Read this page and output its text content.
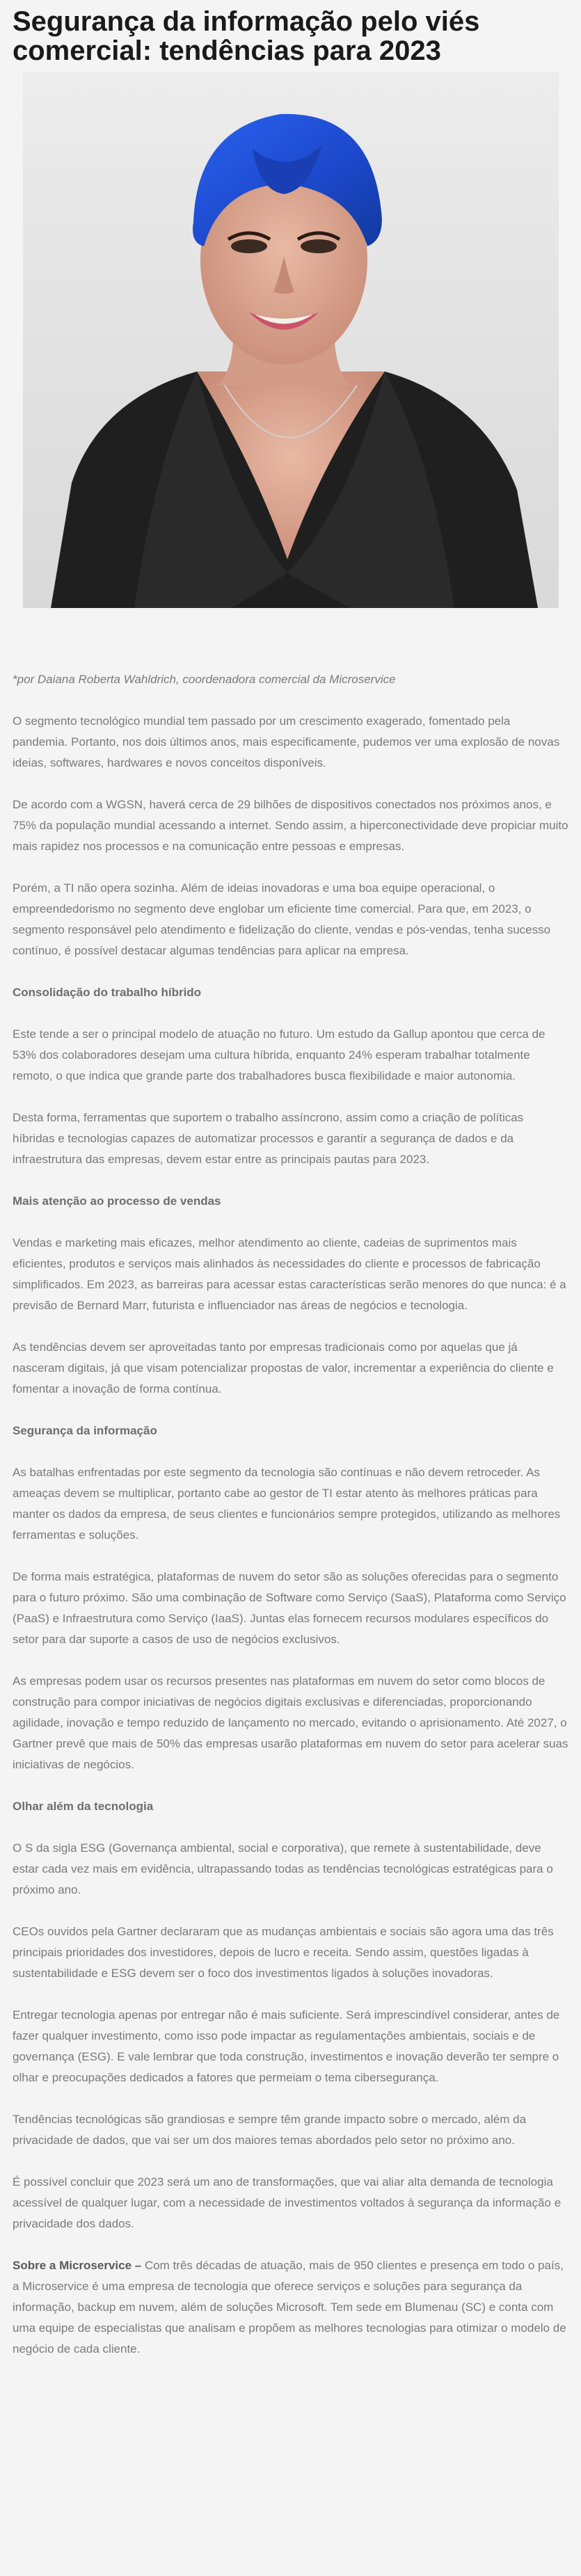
Segurança da informação pelo viés comercial: tendências para 2023

*por Daiana Roberta Wahldrich, coordenadora comercial da Microservice

O segmento tecnológico mundial tem passado por um crescimento exagerado, fomentado pela pandemia. Portanto, nos dois últimos anos, mais especificamente, pudemos ver uma explosão de novas ideias, softwares, hardwares e novos conceitos disponíveis.

De acordo com a WGSN, haverá cerca de 29 bilhões de dispositivos conectados nos próximos anos, e 75% da população mundial acessando a internet. Sendo assim, a hiperconectividade deve propiciar muito mais rapidez nos processos e na comunicação entre pessoas e empresas.

Porém, a TI não opera sozinha. Além de ideias inovadoras e uma boa equipe operacional, o empreendedorismo no segmento deve englobar um eficiente time comercial. Para que, em 2023, o segmento responsável pelo atendimento e fidelização do cliente, vendas e pós-vendas, tenha sucesso contínuo, é possível destacar algumas tendências para aplicar na empresa.

Consolidação do trabalho híbrido

Este tende a ser o principal modelo de atuação no futuro. Um estudo da Gallup apontou que cerca de 53% dos colaboradores desejam uma cultura híbrida, enquanto 24% esperam trabalhar totalmente remoto, o que indica que grande parte dos trabalhadores busca flexibilidade e maior autonomia.

Desta forma, ferramentas que suportem o trabalho assíncrono, assim como a criação de políticas híbridas e tecnologias capazes de automatizar processos e garantir a segurança de dados e da infraestrutura das empresas, devem estar entre as principais pautas para 2023.

Mais atenção ao processo de vendas

Vendas e marketing mais eficazes, melhor atendimento ao cliente, cadeias de suprimentos mais eficientes, produtos e serviços mais alinhados às necessidades do cliente e processos de fabricação simplificados. Em 2023, as barreiras para acessar estas características serão menores do que nunca: é a previsão de Bernard Marr, futurista e influenciador nas áreas de negócios e tecnologia.

As tendências devem ser aproveitadas tanto por empresas tradicionais como por aquelas que já nasceram digitais, já que visam potencializar propostas de valor, incrementar a experiência do cliente e fomentar a inovação de forma contínua.

Segurança da informação

As batalhas enfrentadas por este segmento da tecnologia são contínuas e não devem retroceder. As ameaças devem se multiplicar, portanto cabe ao gestor de TI estar atento às melhores práticas para manter os dados da empresa, de seus clientes e funcionários sempre protegidos, utilizando as melhores ferramentas e soluções.

De forma mais estratégica, plataformas de nuvem do setor são as soluções oferecidas para o segmento para o futuro próximo. São uma combinação de Software como Serviço (SaaS), Plataforma como Serviço (PaaS) e Infraestrutura como Serviço (IaaS). Juntas elas fornecem recursos modulares específicos do setor para dar suporte a casos de uso de negócios exclusivos.

As empresas podem usar os recursos presentes nas plataformas em nuvem do setor como blocos de construção para compor iniciativas de negócios digitais exclusivas e diferenciadas, proporcionando agilidade, inovação e tempo reduzido de lançamento no mercado, evitando o aprisionamento. Até 2027, o Gartner prevê que mais de 50% das empresas usarão plataformas em nuvem do setor para acelerar suas iniciativas de negócios.

Olhar além da tecnologia

O S da sigla ESG (Governança ambiental, social e corporativa), que remete à sustentabilidade, deve estar cada vez mais em evidência, ultrapassando todas as tendências tecnológicas estratégicas para o próximo ano.

CEOs ouvidos pela Gartner declararam que as mudanças ambientais e sociais são agora uma das três principais prioridades dos investidores, depois de lucro e receita. Sendo assim, questões ligadas à sustentabilidade e ESG devem ser o foco dos investimentos ligados à soluções inovadoras.

Entregar tecnologia apenas por entregar não é mais suficiente. Será imprescindível considerar, antes de fazer qualquer investimento, como isso pode impactar as regulamentações ambientais, sociais e de governança (ESG). E vale lembrar que toda construção, investimentos e inovação deverão ter sempre o olhar e preocupações dedicados a fatores que permeiam o tema cibersegurança.

Tendências tecnológicas são grandiosas e sempre têm grande impacto sobre o mercado, além da privacidade de dados, que vai ser um dos maiores temas abordados pelo setor no próximo ano.

É possível concluir que 2023 será um ano de transformações, que vai aliar alta demanda de tecnologia acessível de qualquer lugar, com a necessidade de investimentos voltados à segurança da informação e privacidade dos dados.

Sobre a Microservice – Com três décadas de atuação, mais de 950 clientes e presença em todo o país, a Microservice é uma empresa de tecnologia que oferece serviços e soluções para segurança da informação, backup em nuvem, além de soluções Microsoft. Tem sede em Blumenau (SC) e conta com uma equipe de especialistas que analisam e propõem as melhores tecnologias para otimizar o modelo de negócio de cada cliente.
